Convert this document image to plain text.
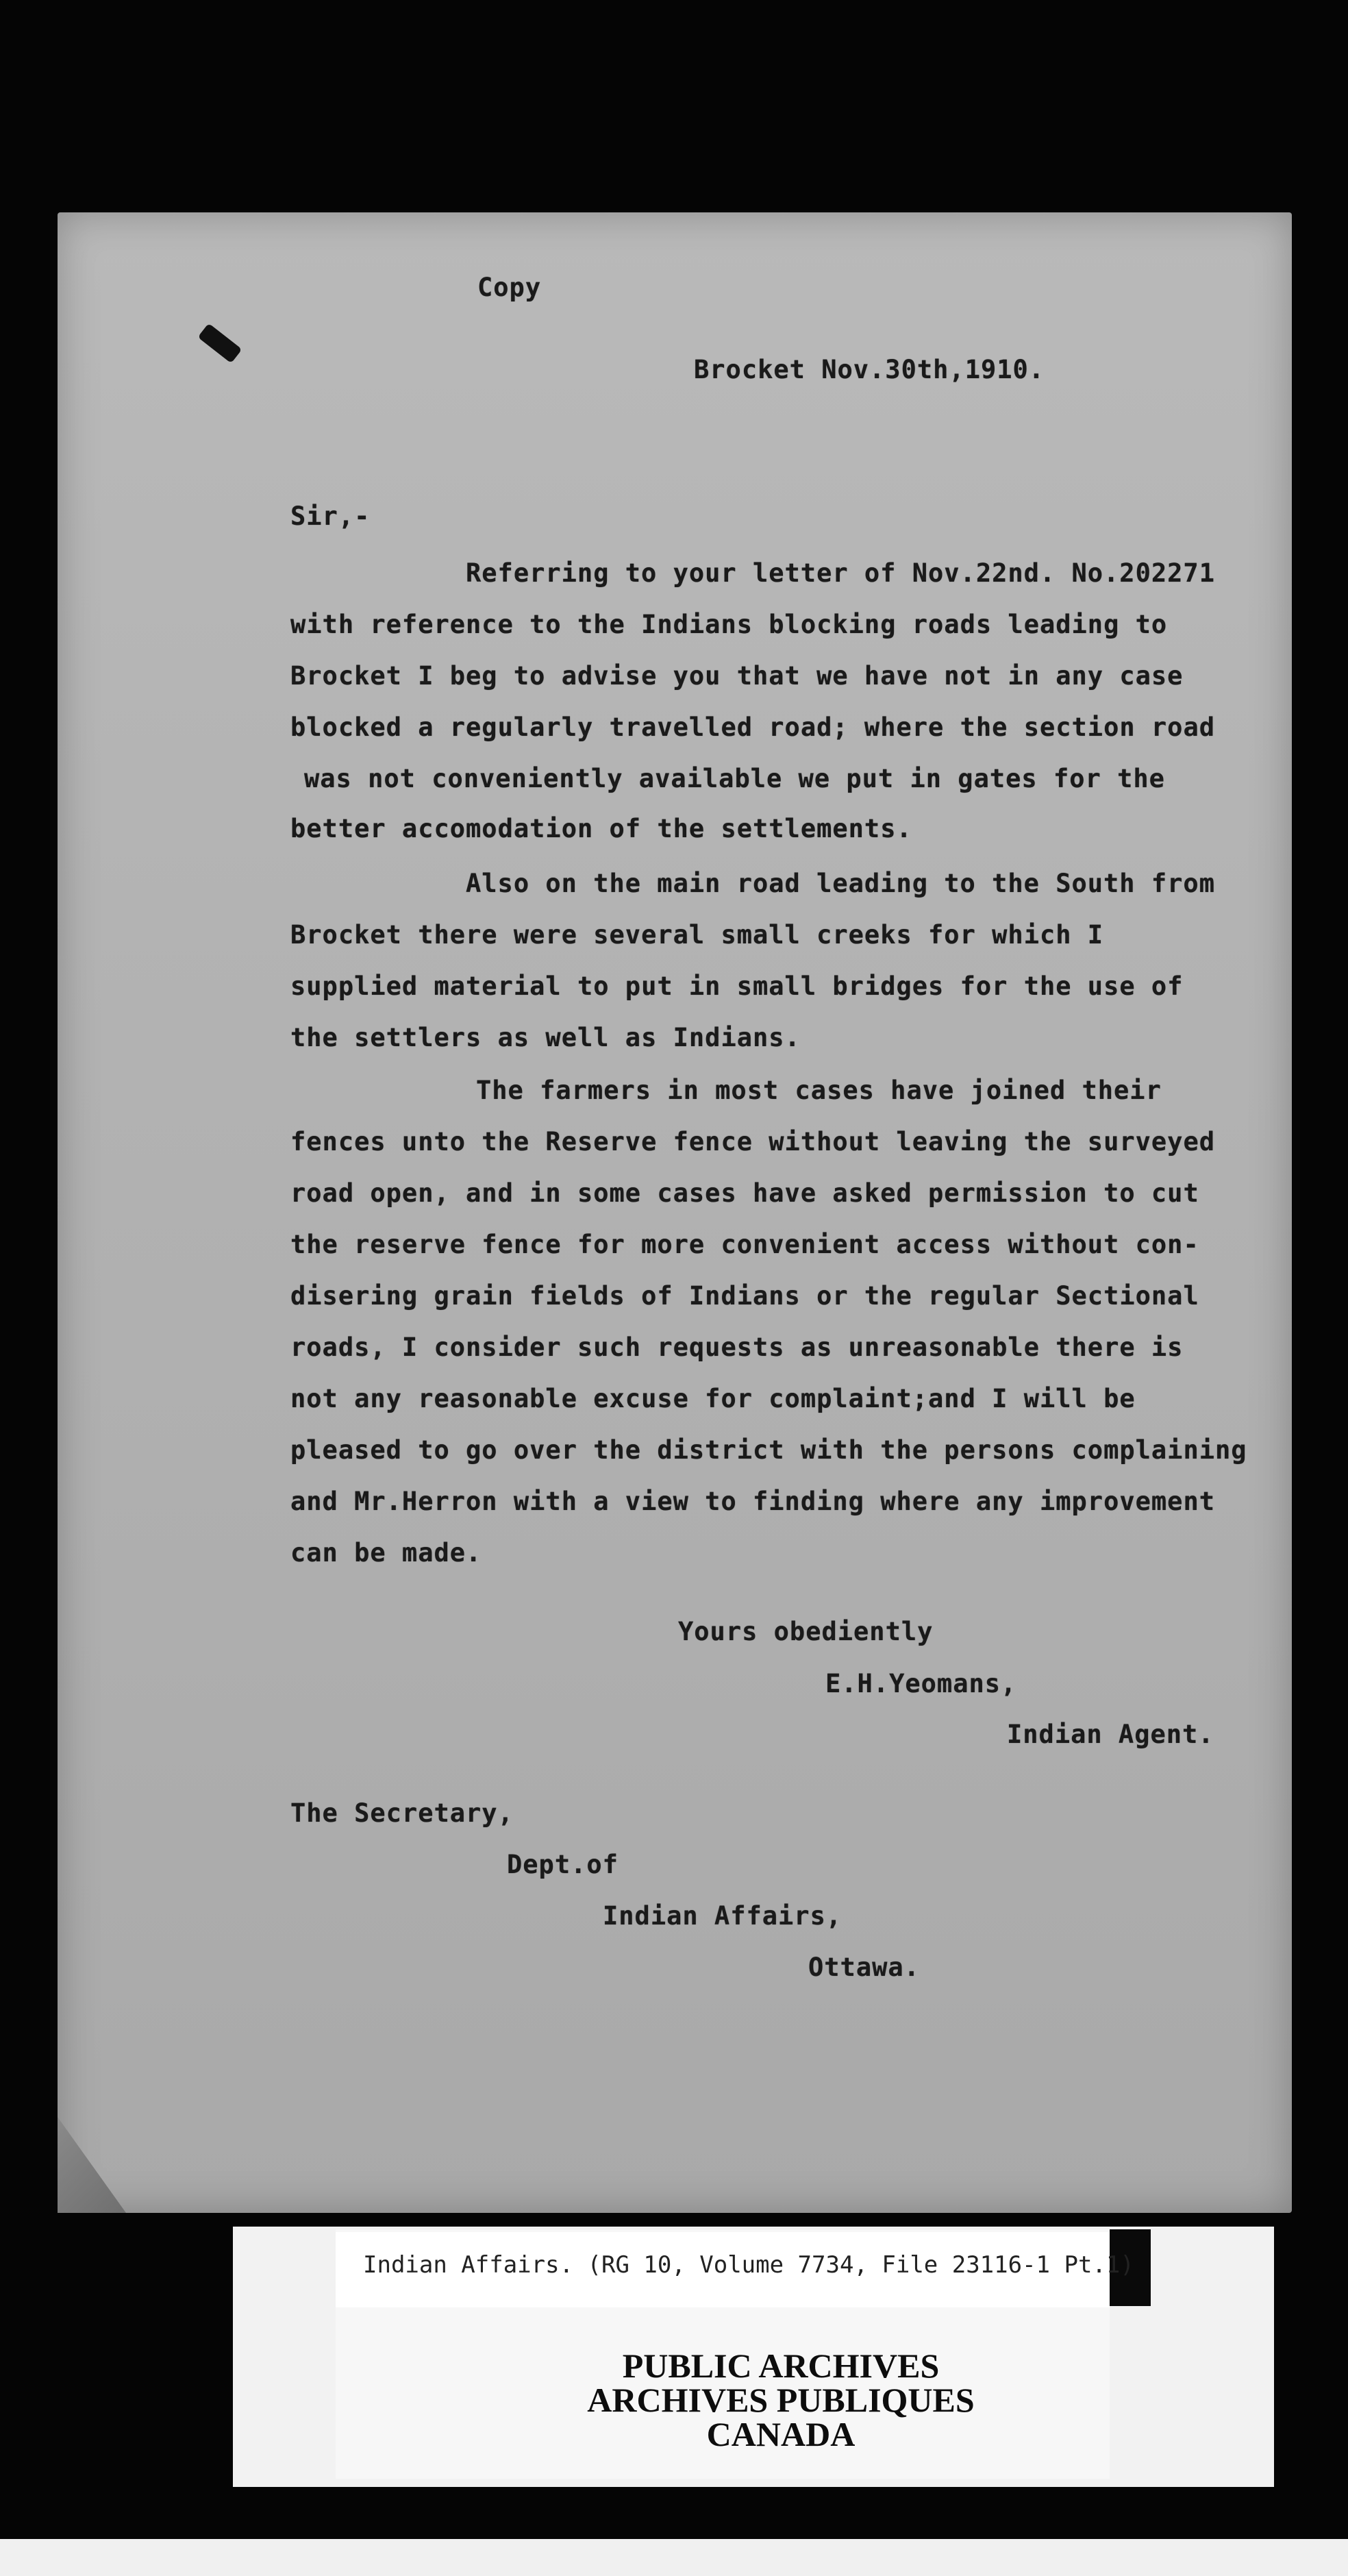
Copy
Brocket Nov.30th,1910.
Sir,-
Referring to your letter of Nov.22nd. No.202271
with reference to the Indians blocking roads leading to
Brocket I beg to advise you that we have not in any case
blocked a regularly travelled road; where the section road
was not conveniently available we put in gates for the
better accomodation of the settlements.
Also on the main road leading to the South from
Brocket there were several small creeks for which I
supplied material to put in small bridges for the use of
the settlers as well as Indians.
The farmers in most cases have joined their
fences unto the Reserve fence without leaving the surveyed
road open, and in some cases have asked permission to cut
the reserve fence for more convenient access without con-
disering grain fields of Indians or the regular Sectional
roads, I consider such requests as unreasonable there is
not any reasonable excuse for complaint;and I will be
pleased to go over the district with the persons complaining
and Mr.Herron with a view to finding where any improvement
can be made.
Yours obediently
E.H.Yeomans,
Indian Agent.
The Secretary,
Dept.of
Indian Affairs,
Ottawa.
Indian Affairs. (RG 10, Volume 7734, File 23116-1 Pt.1)
PUBLIC ARCHIVES
ARCHIVES PUBLIQUES
CANADA
